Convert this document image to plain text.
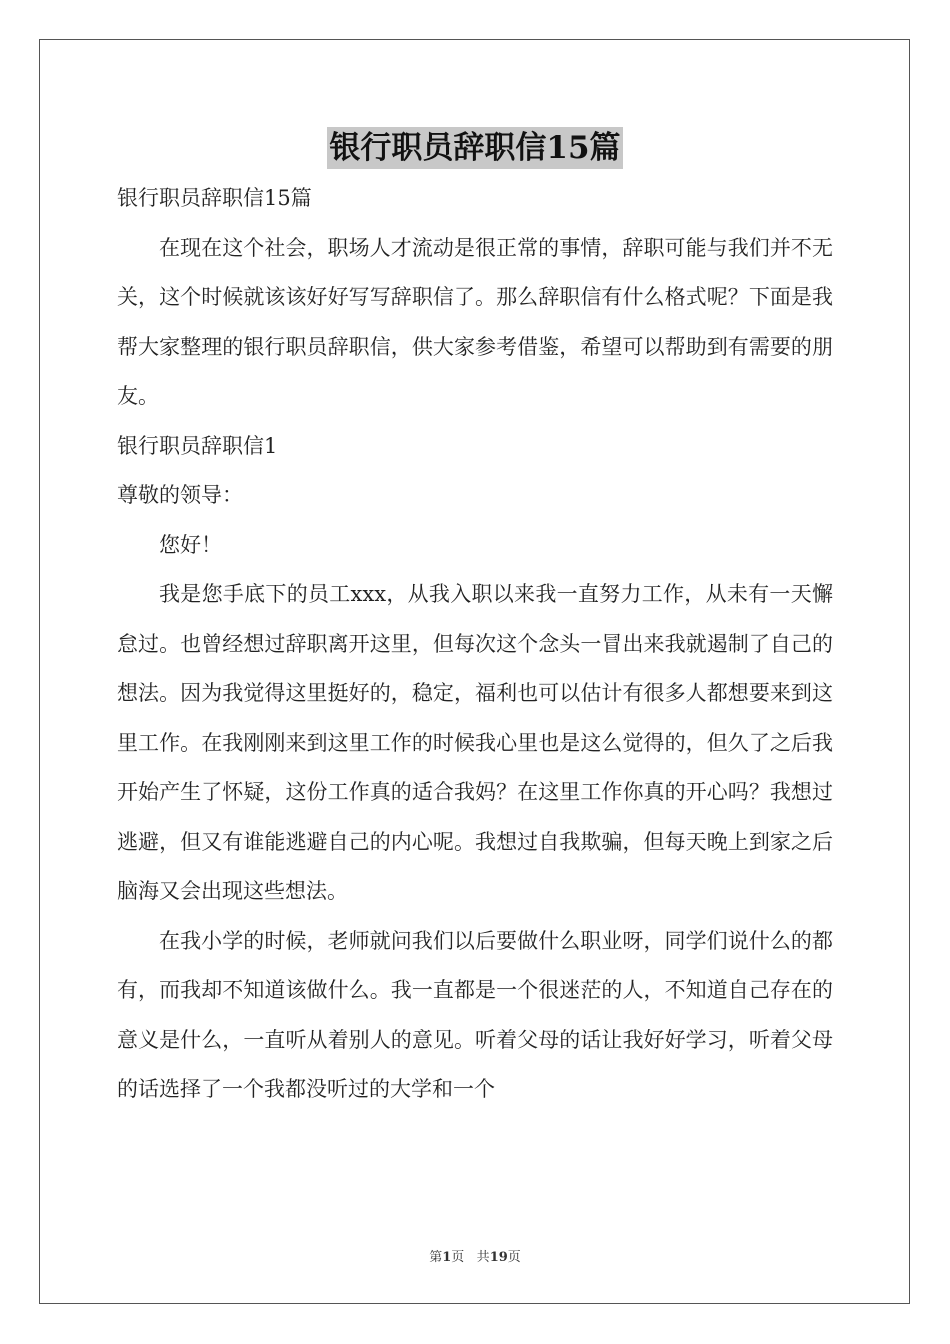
银行职员辞职信15篇

银行职员辞职信15篇

在现在这个社会，职场人才流动是很正常的事情，辞职可能与我们并不无关，这个时候就该该好好写写辞职信了。那么辞职信有什么格式呢？下面是我帮大家整理的银行职员辞职信，供大家参考借鉴，希望可以帮助到有需要的朋友。

银行职员辞职信1

尊敬的领导：

您好！

我是您手底下的员工xxx，从我入职以来我一直努力工作，从未有一天懈怠过。也曾经想过辞职离开这里，但每次这个念头一冒出来我就遏制了自己的想法。因为我觉得这里挺好的，稳定，福利也可以估计有很多人都想要来到这里工作。在我刚刚来到这里工作的时候我心里也是这么觉得的，但久了之后我开始产生了怀疑，这份工作真的适合我妈？在这里工作你真的开心吗？我想过逃避，但又有谁能逃避自己的内心呢。我想过自我欺骗，但每天晚上到家之后脑海又会出现这些想法。

在我小学的时候，老师就问我们以后要做什么职业呀，同学们说什么的都有，而我却不知道该做什么。我一直都是一个很迷茫的人，不知道自己存在的意义是什么，一直听从着别人的意见。听着父母的话让我好好学习，听着父母的话选择了一个我都没听过的大学和一个

第1页 共19页
